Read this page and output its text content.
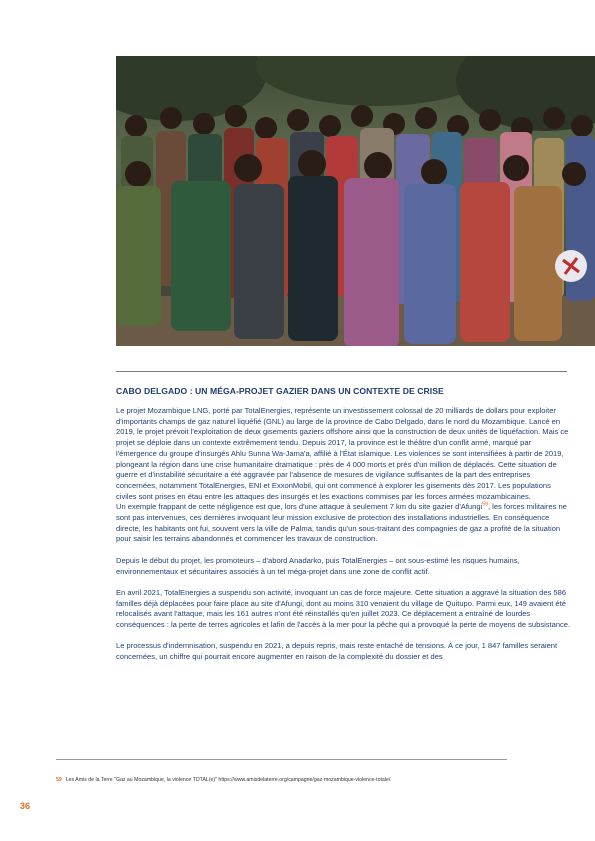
CABO DELGADO : UN MÉGA-PROJET GAZIER DANS UN CONTEXTE DE CRISE

Le projet Mozambique LNG, porté par TotalEnergies, représente un investissement colossal de 20 milliards de dollars pour exploiter d'importants champs de gaz naturel liquéfié (GNL) au large de la province de Cabo Delgado, dans le nord du Mozambique. Lancé en 2019, le projet prévoit l'exploitation de deux gisements gaziers offshore ainsi que la construction de deux unités de liquéfaction. Mais ce projet se déploie dans un contexte extrêmement tendu. Depuis 2017, la province est le théâtre d'un conflit armé, marqué par l'émergence du groupe d'insurgés Ahlu Sunna Wa-Jama'a, affilié à l'État islamique. Les violences se sont intensifiées à partir de 2019, plongeant la région dans une crise humanitaire dramatique : près de 4 000 morts et près d'un million de déplacés. Cette situation de guerre et d'instabilité sécuritaire a été aggravée par l'absence de mesures de vigilance suffisantes de la part des entreprises concernées, notamment TotalEnergies, ENI et ExxonMobil, qui ont commencé à explorer les gisements dès 2017. Les populations civiles sont prises en étau entre les attaques des insurgés et les exactions commises par les forces armées mozambicaines.

Un exemple frappant de cette négligence est que, lors d'une attaque à seulement 7 km du site gazier d'Afungi$^{59}$, les forces militaires ne sont pas intervenues, ces dernières invoquant leur mission exclusive de protection des installations industrielles. En conséquence directe, les habitants ont fui, souvent vers la ville de Palma, tandis qu'un sous-traitant des compagnies de gaz a profité de la situation pour saisir les terrains abandonnés et commencer les travaux de construction.

Depuis le début du projet, les promoteurs – d'abord Anadarko, puis TotalEnergies – ont sous-estimé les risques humains, environnementaux et sécuritaires associés à un tel méga-projet dans une zone de conflit actif.

En avril 2021, TotalEnergies a suspendu son activité, invoquant un cas de force majeure. Cette situation a aggravé la situation des 586 familles déjà déplacées pour faire place au site d'Afungi, dont au moins 310 venaient du village de Quitupo. Parmi eux, 149 avaient été relocalisés avant l'attaque, mais les 161 autres n'ont été réinstallés qu'en juillet 2023. Ce déplacement a entraîné de lourdes conséquences : la perte de terres agricoles et lafin de l'accès à la mer pour la pêche qui a provoqué la perte de moyens de subsistance.

Le processus d'indemnisation, suspendu en 2021, a depuis repris, mais reste entaché de tensions. À ce jour, 1 847 familles seraient concernées, un chiffre qui pourrait encore augmenter en raison de la complexité du dossier et des

59 Les Amis de la Terre "Gaz au Mozambique, la violence TOTAL(e)" https://www.amisdelaterre.org/campagne/gaz-mozambique-violence-totale/
36
